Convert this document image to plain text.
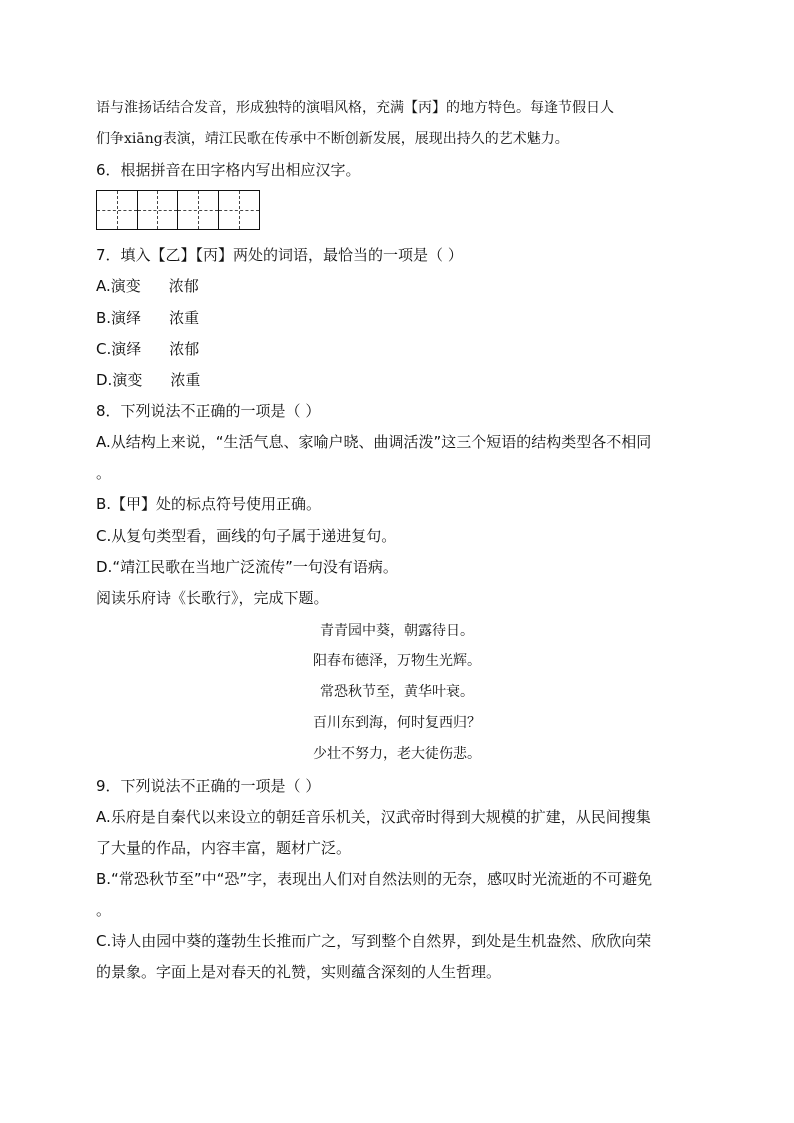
语与淮扬话结合发音，形成独特的演唱风格，充满【丙】的地方特色。每逢节假日人
们争xiāng表演，靖江民歌在传承中不断创新发展，展现出持久的艺术魅力。
6．根据拼音在田字格内写出相应汉字。
7．填入【乙】【丙】两处的词语，最恰当的一项是（ ）
A.演变 浓郁
B.演绎 浓重
C.演绎 浓郁
D.演变 浓重
8．下列说法不正确的一项是（ ）
A.从结构上来说，“生活气息、家喻户晓、曲调活泼”这三个短语的结构类型各不相同
。
B.【甲】处的标点符号使用正确。
C.从复句类型看，画线的句子属于递进复句。
D.“靖江民歌在当地广泛流传”一句没有语病。
阅读乐府诗《长歌行》，完成下题。
青青园中葵，朝露待日。
阳春布德泽，万物生光辉。
常恐秋节至，黄华叶衰。
百川东到海，何时复西归？
少壮不努力，老大徒伤悲。
9．下列说法不正确的一项是（ ）
A.乐府是自秦代以来设立的朝廷音乐机关，汉武帝时得到大规模的扩建，从民间搜集
了大量的作品，内容丰富，题材广泛。
B.“常恐秋节至”中“恐”字，表现出人们对自然法则的无奈，感叹时光流逝的不可避免
。
C.诗人由园中葵的蓬勃生长推而广之，写到整个自然界，到处是生机盎然、欣欣向荣
的景象。字面上是对春天的礼赞，实则蕴含深刻的人生哲理。
